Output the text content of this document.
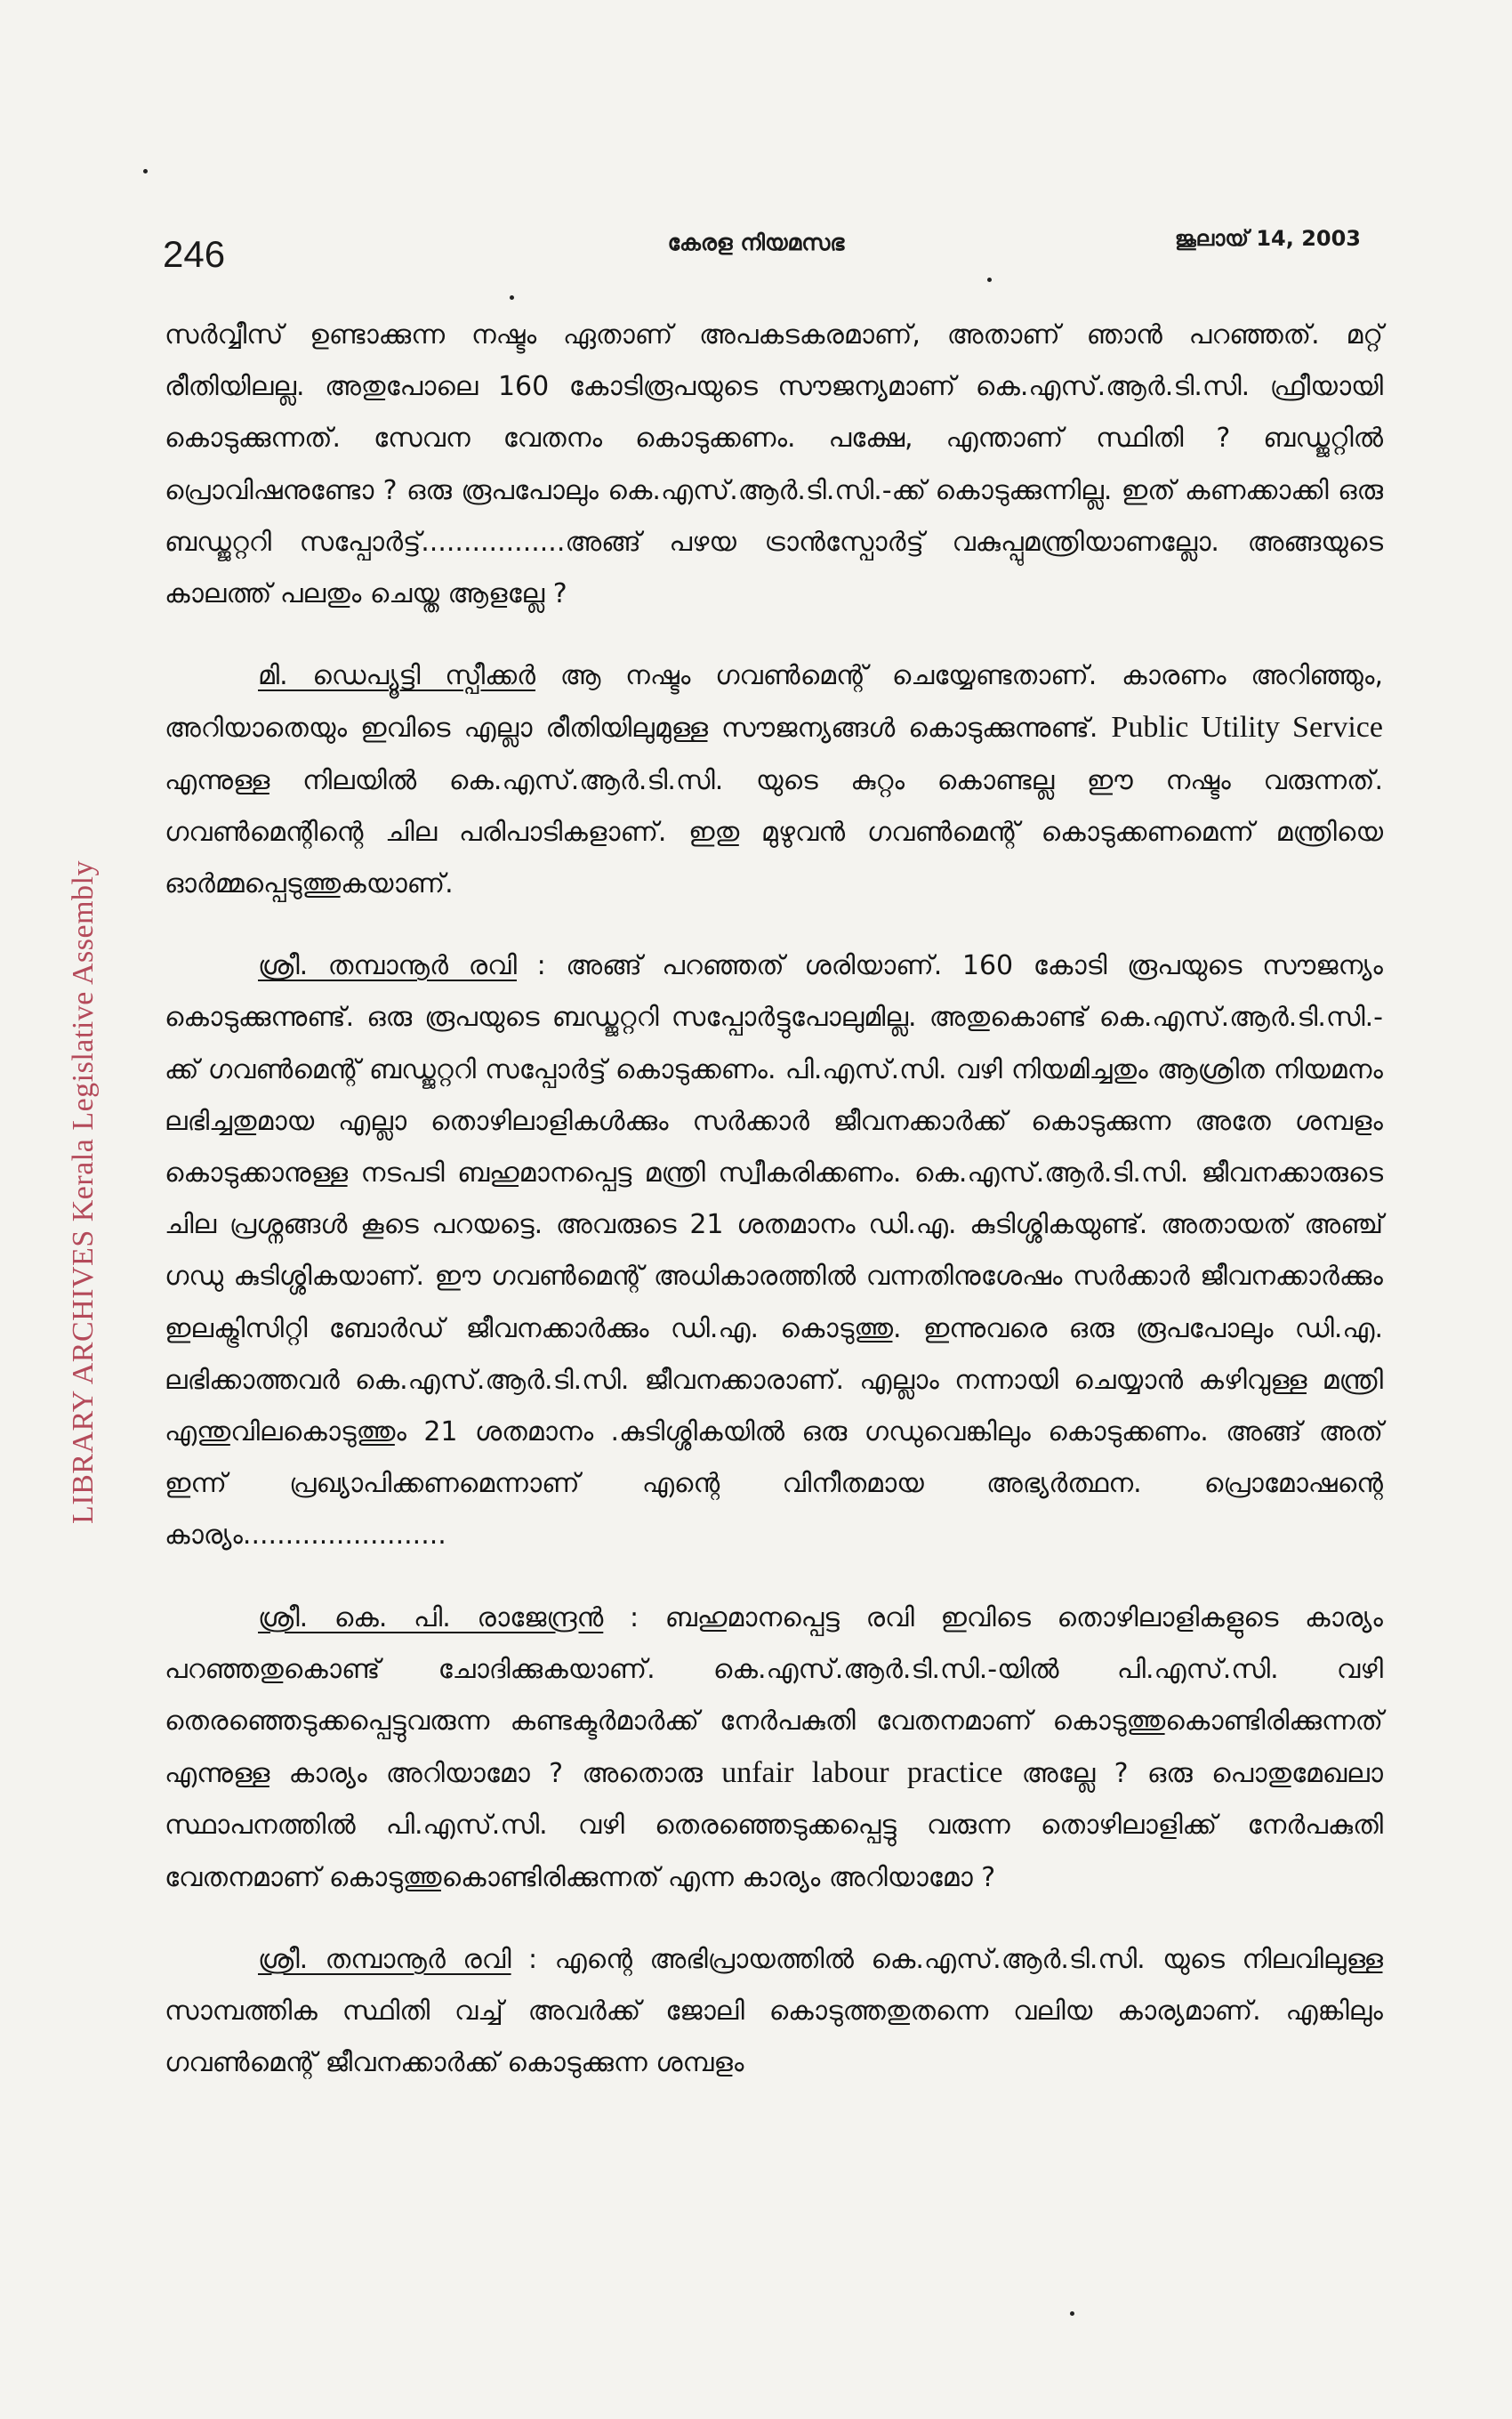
246	കേരള നിയമസഭ	ജൂലായ് 14, 2003
LIBRARY ARCHIVES Kerala Legislative Assembly

സർവ്വീസ് ഉണ്ടാക്കുന്ന നഷ്ടം ഏതാണ് അപകടകരമാണ്, അതാണ് ഞാൻ പറഞ്ഞത്. മറ്റ് രീതിയിലല്ല. അതുപോലെ 160 കോടിരൂപയുടെ സൗജന്യമാണ് കെ.എസ്.ആർ.ടി.സി. ഫ്രീയായി കൊടുക്കുന്നത്. സേവന വേതനം കൊടുക്കണം. പക്ഷേ, എന്താണ് സ്ഥിതി ? ബഡ്ജറ്റിൽ പ്രൊവിഷനുണ്ടോ ? ഒരു രൂപപോലും കെ.എസ്.ആർ.ടി.സി.-ക്ക് കൊടുക്കുന്നില്ല. ഇത് കണക്കാക്കി ഒരു ബഡ്ജറ്ററി സപ്പോർട്ട്.................അങ്ങ് പഴയ ട്രാൻസ്പോർട്ട് വകുപ്പുമന്ത്രിയാണല്ലോ. അങ്ങയുടെ കാലത്ത് പലതും ചെയ്ത ആളല്ലേ ?

മി. ഡെപ്യൂട്ടി സ്പീക്കർ ആ നഷ്ടം ഗവൺമെന്റ് ചെയ്യേണ്ടതാണ്. കാരണം അറിഞ്ഞും, അറിയാതെയും ഇവിടെ എല്ലാ രീതിയിലുമുള്ള സൗജന്യങ്ങൾ കൊടുക്കുന്നുണ്ട്. Public Utility Service എന്നുള്ള നിലയിൽ കെ.എസ്.ആർ.ടി.സി. യുടെ കുറ്റം കൊണ്ടല്ല ഈ നഷ്ടം വരുന്നത്. ഗവൺമെന്റിന്റെ ചില പരിപാടികളാണ്. ഇതു മുഴുവൻ ഗവൺമെന്റ് കൊടുക്കണമെന്ന് മന്ത്രിയെ ഓർമ്മപ്പെടുത്തുകയാണ്.

ശ്രീ. തമ്പാനൂർ രവി : അങ്ങ് പറഞ്ഞത് ശരിയാണ്. 160 കോടി രൂപയുടെ സൗജന്യം കൊടുക്കുന്നുണ്ട്. ഒരു രൂപയുടെ ബഡ്ജറ്ററി സപ്പോർട്ടുപോലുമില്ല. അതുകൊണ്ട് കെ.എസ്.ആർ.ടി.സി.-ക്ക് ഗവൺമെന്റ് ബഡ്ജറ്ററി സപ്പോർട്ട് കൊടുക്കണം. പി.എസ്.സി. വഴി നിയമിച്ചതും ആശ്രിത നിയമനം ലഭിച്ചതുമായ എല്ലാ തൊഴിലാളികൾക്കും സർക്കാർ ജീവനക്കാർക്ക് കൊടുക്കുന്ന അതേ ശമ്പളം കൊടുക്കാനുള്ള നടപടി ബഹുമാനപ്പെട്ട മന്ത്രി സ്വീകരിക്കണം. കെ.എസ്.ആർ.ടി.സി. ജീവനക്കാരുടെ ചില പ്രശ്നങ്ങൾ കൂടെ പറയട്ടെ. അവരുടെ 21 ശതമാനം ഡി.എ. കുടിശ്ശികയുണ്ട്. അതായത് അഞ്ച് ഗഡു കുടിശ്ശികയാണ്. ഈ ഗവൺമെന്റ് അധികാരത്തിൽ വന്നതിനുശേഷം സർക്കാർ ജീവനക്കാർക്കും ഇലക്ട്രിസിറ്റി ബോർഡ് ജീവനക്കാർക്കും ഡി.എ. കൊടുത്തു. ഇന്നുവരെ ഒരു രൂപപോലും ഡി.എ. ലഭിക്കാത്തവർ കെ.എസ്.ആർ.ടി.സി. ജീവനക്കാരാണ്. എല്ലാം നന്നായി ചെയ്യാൻ കഴിവുള്ള മന്ത്രി എന്തുവിലകൊടുത്തും 21 ശതമാനം .കുടിശ്ശികയിൽ ഒരു ഗഡുവെങ്കിലും കൊടുക്കണം. അങ്ങ് അത് ഇന്ന് പ്രഖ്യാപിക്കണമെന്നാണ് എന്റെ വിനീതമായ അഭ്യർത്ഥന. പ്രൊമോഷന്റെ കാര്യം........................

ശ്രീ. കെ. പി. രാജേന്ദ്രൻ : ബഹുമാനപ്പെട്ട രവി ഇവിടെ തൊഴിലാളികളുടെ കാര്യം പറഞ്ഞതുകൊണ്ട് ചോദിക്കുകയാണ്. കെ.എസ്.ആർ.ടി.സി.-യിൽ പി.എസ്.സി. വഴി തെരഞ്ഞെടുക്കപ്പെട്ടുവരുന്ന കണ്ടക്ടർമാർക്ക് നേർപകുതി വേതനമാണ് കൊടുത്തുകൊണ്ടിരിക്കുന്നത് എന്നുള്ള കാര്യം അറിയാമോ ? അതൊരു unfair labour practice അല്ലേ ? ഒരു പൊതുമേഖലാ സ്ഥാപനത്തിൽ പി.എസ്.സി. വഴി തെരഞ്ഞെടുക്കപ്പെട്ടു വരുന്ന തൊഴിലാളിക്ക് നേർപകുതി വേതനമാണ് കൊടുത്തുകൊണ്ടിരിക്കുന്നത് എന്ന കാര്യം അറിയാമോ ?

ശ്രീ. തമ്പാനൂർ രവി : എന്റെ അഭിപ്രായത്തിൽ കെ.എസ്.ആർ.ടി.സി. യുടെ നിലവിലുള്ള സാമ്പത്തിക സ്ഥിതി വച്ച് അവർക്ക് ജോലി കൊടുത്തതുതന്നെ വലിയ കാര്യമാണ്. എങ്കിലും ഗവൺമെന്റ് ജീവനക്കാർക്ക് കൊടുക്കുന്ന ശമ്പളം
